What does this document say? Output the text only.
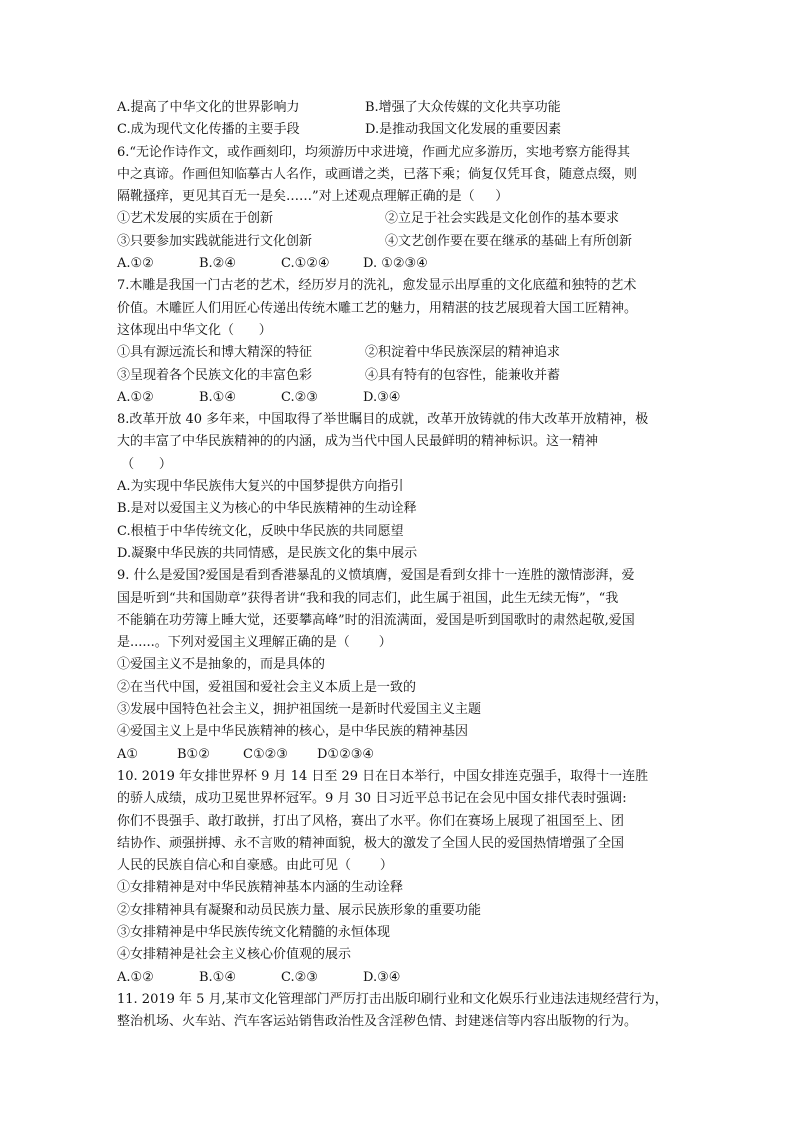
A.提高了中华文化的世界影响力	B.增强了大众传媒的文化共享功能
C.成为现代文化传播的主要手段	D.是推动我国文化发展的重要因素
6.“无论作诗作文，或作画刻印，均须游历中求进境，作画尤应多游历，实地考察方能得其
中之真谛。作画但知临摹古人名作，或画谱之类，已落下乘；倘复仅凭耳食，随意点缀，则
隔靴搔痒，更见其百无一是矣……”对上述观点理解正确的是（     ）
①艺术发展的实质在于创新	②立足于社会实践是文化创作的基本要求
③只要参加实践就能进行文化创新	④文艺创作要在要在继承的基础上有所创新
A.①②	B.②④	C.①②④	D. ①②③④
7.木雕是我国一门古老的艺术，经历岁月的洗礼，愈发显示出厚重的文化底蕴和独特的艺术
价值。木雕匠人们用匠心传递出传统木雕工艺的魅力，用精湛的技艺展现着大国工匠精神。
这体现出中华文化（      ）
①具有源远流长和博大精深的特征	②积淀着中华民族深层的精神追求
③呈现着各个民族文化的丰富色彩	④具有特有的包容性，能兼收并蓄
A.①②	B.①④	C.②③	D.③④
8.改革开放 40 多年来，中国取得了举世瞩目的成就，改革开放铸就的伟大改革开放精神，极
大的丰富了中华民族精神的的内涵，成为当代中国人民最鲜明的精神标识。这一精神
（      ）
A.为实现中华民族伟大复兴的中国梦提供方向指引
B.是对以爱国主义为核心的中华民族精神的生动诠释
C.根植于中华传统文化，反映中华民族的共同愿望
D.凝聚中华民族的共同情感，是民族文化的集中展示
9. 什么是爱国?爱国是看到香港暴乱的义愤填膺，爱国是看到女排十一连胜的激情澎湃，爱
国是听到“共和国勋章”获得者讲“我和我的同志们，此生属于祖国，此生无续无悔”，“我
不能躺在功劳簿上睡大觉，还要攀高峰”时的泪流满面，爱国是听到国歌时的肃然起敬,爱国
是......。下列对爱国主义理解正确的是（       ）
①爱国主义不是抽象的，而是具体的
②在当代中国，爱祖国和爱社会主义本质上是一致的
③发展中国特色社会主义，拥护祖国统一是新时代爱国主义主题
④爱国主义上是中华民族精神的核心，是中华民族的精神基因
A①	B①②	C①②③	D①②③④
10. 2019 年女排世界杯 9 月 14 日至 29 日在日本举行，中国女排连克强手，取得十一连胜
的骄人成绩，成功卫冕世界杯冠军。9 月 30 日习近平总书记在会见中国女排代表时强调:
你们不畏强手、敢打敢拼，打出了风格，赛出了水平。你们在赛场上展现了祖国至上、团
结协作、顽强拼搏、永不言败的精神面貌，极大的激发了全国人民的爱国热情增强了全国
人民的民族自信心和自豪感。由此可见（       ）
①女排精神是对中华民族精神基本内涵的生动诠释
②女排精神具有凝聚和动员民族力量、展示民族形象的重要功能
③女排精神是中华民族传统文化精髓的永恒体现
④女排精神是社会主义核心价值观的展示
A.①②	B.①④	C.②③	D.③④
11. 2019 年 5 月,某市文化管理部门严厉打击出版印刷行业和文化娱乐行业违法违规经营行为，
整治机场、火车站、汽车客运站销售政治性及含淫秽色情、封建迷信等内容出版物的行为。
